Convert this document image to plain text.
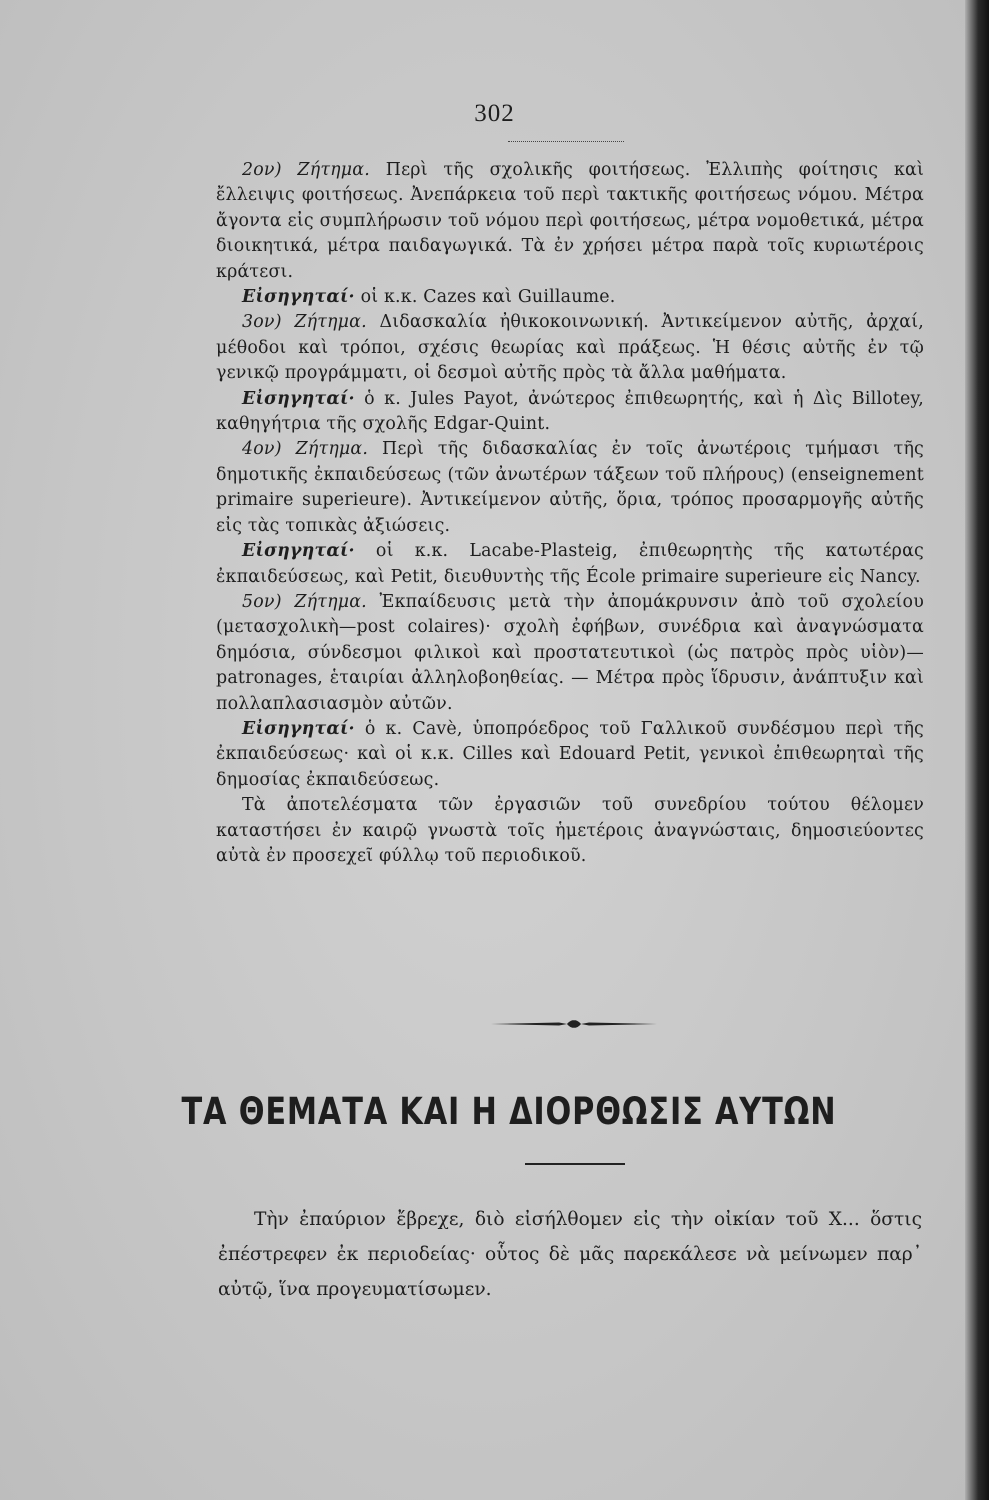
302

2ον) Ζήτημα. Περὶ τῆς σχολικῆς φοιτήσεως. Ἐλλιπὴς φοίτησις καὶ ἔλλειψις φοιτήσεως. Ἀνεπάρκεια τοῦ περὶ τακτικῆς φοιτήσεως νόμου. Μέτρα ἄγοντα εἰς συμπλήρωσιν τοῦ νόμου περὶ φοιτήσεως, μέτρα νομοθετικά, μέτρα διοικητικά, μέτρα παιδαγωγικά. Τὰ ἐν χρήσει μέτρα παρὰ τοῖς κυριωτέροις κράτεσι.

Εἰσηγηταί· οἱ κ.κ. Cazes καὶ Guillaume.

3ον) Ζήτημα. Διδασκαλία ἠθικοκοινωνική. Ἀντικείμενον αὐτῆς, ἀρχαί, μέθοδοι καὶ τρόποι, σχέσις θεωρίας καὶ πράξεως. Ἡ θέσις αὐτῆς ἐν τῷ γενικῷ προγράμματι, οἱ δεσμοὶ αὐτῆς πρὸς τὰ ἄλλα μαθήματα.

Εἰσηγηταί· ὁ κ. Jules Payot, ἀνώτερος ἐπιθεωρητής, καὶ ἡ Δὶς Billotey, καθηγήτρια τῆς σχολῆς Edgar-Quint.

4ον) Ζήτημα. Περὶ τῆς διδασκαλίας ἐν τοῖς ἀνωτέροις τμήμασι τῆς δημοτικῆς ἐκπαιδεύσεως (τῶν ἀνωτέρων τάξεων τοῦ πλήρους) (enseignement primaire superieure). Ἀντικείμενον αὐτῆς, ὅρια, τρόπος προσαρμογῆς αὐτῆς εἰς τὰς τοπικὰς ἀξιώσεις.

Εἰσηγηταί· οἱ κ.κ. Lacabe-Plasteig, ἐπιθεωρητὴς τῆς κατωτέρας ἐκπαιδεύσεως, καὶ Petit, διευθυντὴς τῆς École primaire superieure εἰς Nancy.

5ον) Ζήτημα. Ἐκπαίδευσις μετὰ τὴν ἀπομάκρυνσιν ἀπὸ τοῦ σχολείου (μετασχολικὴ—post colaires)· σχολὴ ἐφήβων, συνέδρια καὶ ἀναγνώσματα δημόσια, σύνδεσμοι φιλικοὶ καὶ προστατευτικοὶ (ὡς πατρὸς πρὸς υἱὸν)—patronages, ἑταιρίαι ἀλληλοβοηθείας. — Μέτρα πρὸς ἵδρυσιν, ἀνάπτυξιν καὶ πολλαπλασιασμὸν αὐτῶν.

Εἰσηγηταί· ὁ κ. Cavè, ὑποπρόεδρος τοῦ Γαλλικοῦ συνδέσμου περὶ τῆς ἐκπαιδεύσεως· καὶ οἱ κ.κ. Cilles καὶ Edouard Petit, γενικοὶ ἐπιθεωρηταὶ τῆς δημοσίας ἐκπαιδεύσεως.

Τὰ ἀποτελέσματα τῶν ἐργασιῶν τοῦ συνεδρίου τούτου θέλομεν καταστήσει ἐν καιρῷ γνωστὰ τοῖς ἡμετέροις ἀναγνώσταις, δημοσιεύοντες αὐτὰ ἐν προσεχεῖ φύλλῳ τοῦ περιοδικοῦ.

ΤΑ ΘΕΜΑΤΑ ΚΑΙ Η ΔΙΟΡΘΩΣΙΣ ΑΥΤΩΝ

Τὴν ἐπαύριον ἔβρεχε, διὸ εἰσήλθομεν εἰς τὴν οἰκίαν τοῦ Χ... ὅστις ἐπέστρεφεν ἐκ περιοδείας· οὗτος δὲ μᾶς παρεκάλεσε νὰ μείνωμεν παρ᾽ αὐτῷ, ἵνα προγευματίσωμεν.
